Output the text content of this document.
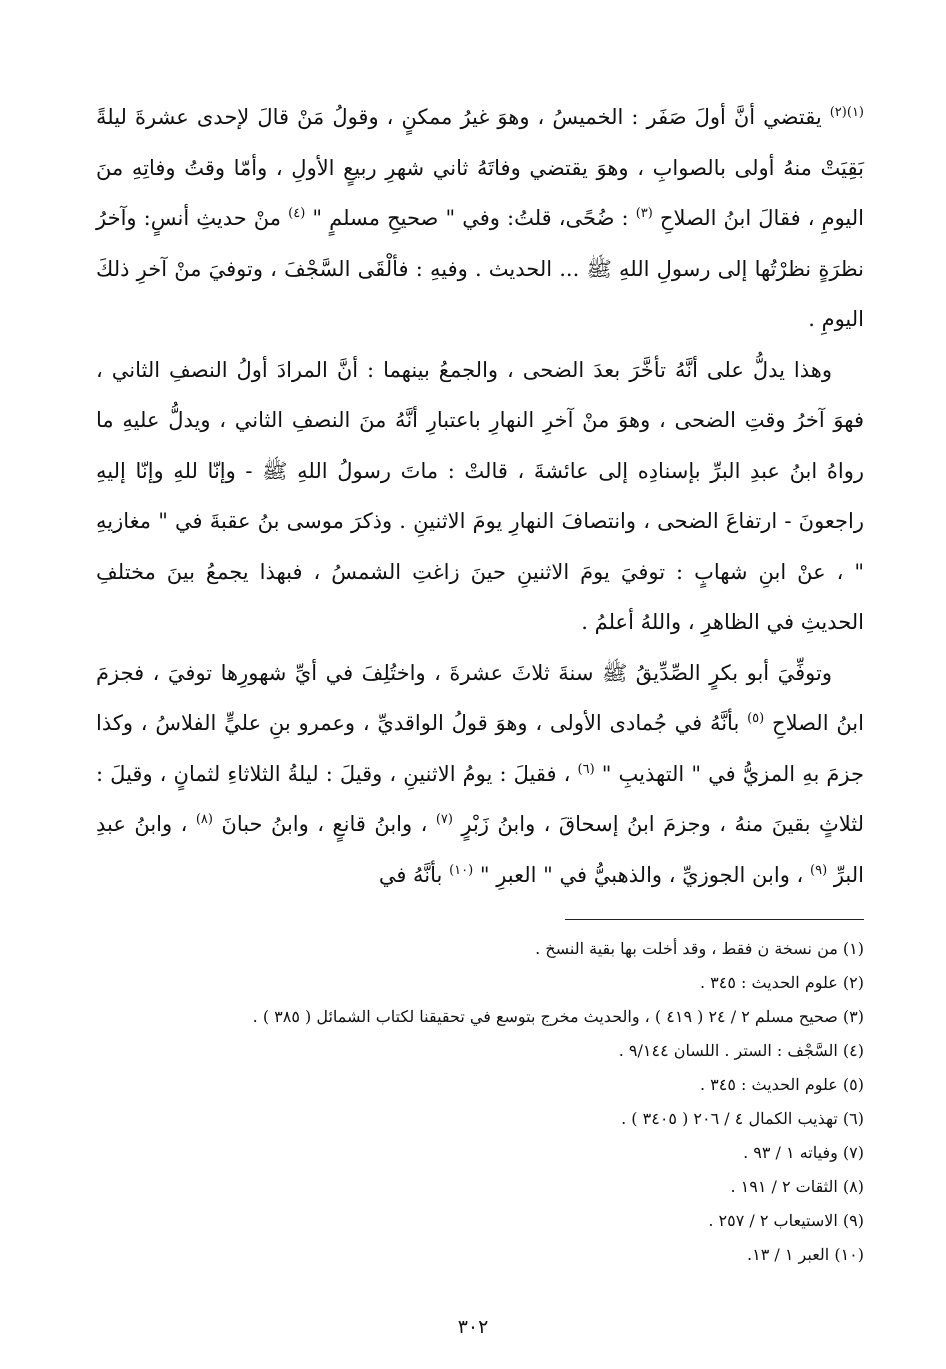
$^{(١)(٢)}$ يقتضي أنَّ أولَ صَفَر : الخميسُ ، وهوَ غيرُ ممكنٍ ، وقولُ مَنْ قالَ لإحدى عشرةَ ليلةً بَقِيَتْ منهُ أولى بالصوابِ ، وهوَ يقتضي وفاتَهُ ثاني شهرِ ربيعٍ الأولِ ، وأمّا وقتُ وفاتِهِ منَ اليومِ ، فقالَ ابنُ الصلاحِ $^{(٣)}$ : ضُحًى، قلتُ: وفي " صحيحِ مسلمٍ " $^{(٤)}$ منْ حديثِ أنسٍ: وآخرُ نظرَةٍ نظرْتُها إلى رسولِ اللهِ ﷺ ... الحديث . وفيهِ : فألْقَى السَّجْفَ ، وتوفيَ منْ آخرِ ذلكَ اليومِ .

وهذا يدلُّ على أنَّهُ تأخَّرَ بعدَ الضحى ، والجمعُ بينهما : أنَّ المرادَ أولُ النصفِ الثاني ، فهوَ آخرُ وقتِ الضحى ، وهوَ منْ آخرِ النهارِ باعتبارِ أنَّهُ منَ النصفِ الثاني ، ويدلُّ عليهِ ما رواهُ ابنُ عبدِ البرِّ بإسنادِه إلى عائشةَ ، قالتْ : ماتَ رسولُ اللهِ ﷺ - وإنّا للهِ وإنّا إليهِ راجعونَ - ارتفاعَ الضحى ، وانتصافَ النهارِ يومَ الاثنينِ . وذكرَ موسى بنُ عقبةَ في " مغازيهِ " ، عنْ ابنِ شهابٍ : توفيَ يومَ الاثنينِ حينَ زاغتِ الشمسُ ، فبهذا يجمعُ بينَ مختلفِ الحديثِ في الظاهرِ ، واللهُ أعلمُ .

وتوفِّيَ أبو بكرٍ الصِّدِّيقُ ﷺ سنةَ ثلاثَ عشرةَ ، واختُلِفَ في أيِّ شهورِها توفيَ ، فجزمَ ابنُ الصلاحِ $^{(٥)}$ بأنَّهُ في جُمادى الأولى ، وهوَ قولُ الواقديِّ ، وعمرو بنِ عليٍّ الفلاسُ ، وكذا جزمَ بهِ المزيُّ في " التهذيبِ " $^{(٦)}$ ، فقيلَ : يومُ الاثنينِ ، وقيلَ : ليلةُ الثلاثاءِ لثمانٍ ، وقيلَ : لثلاثٍ بقينَ منهُ ، وجزمَ ابنُ إسحاقَ ، وابنُ زَبْرٍ $^{(٧)}$ ، وابنُ قانعٍ ، وابنُ حبانَ $^{(٨)}$ ، وابنُ عبدِ البرِّ $^{(٩)}$ ، وابن الجوزيِّ ، والذهبيُّ في " العبرِ " $^{(١٠)}$ بأنَّهُ في

(١) من نسخة ن فقط ، وقد أخلت بها بقية النسخ .

(٢) علوم الحديث : ٣٤٥ .

(٣) صحيح مسلم ٢ / ٢٤ ( ٤١٩ ) ، والحديث مخرج بتوسع في تحقيقنا لكتاب الشمائل ( ٣٨٥ ) .

(٤) السَّجْف : الستر . اللسان ٩/١٤٤ .

(٥) علوم الحديث : ٣٤٥ .

(٦) تهذيب الكمال ٤ / ٢٠٦ ( ٣٤٠٥ ) .

(٧) وفياته ١ / ٩٣ .

(٨) الثقات ٢ / ١٩١ .

(٩) الاستيعاب ٢ / ٢٥٧ .

(١٠) العبر ١ / ١٣.

٣٠٢
